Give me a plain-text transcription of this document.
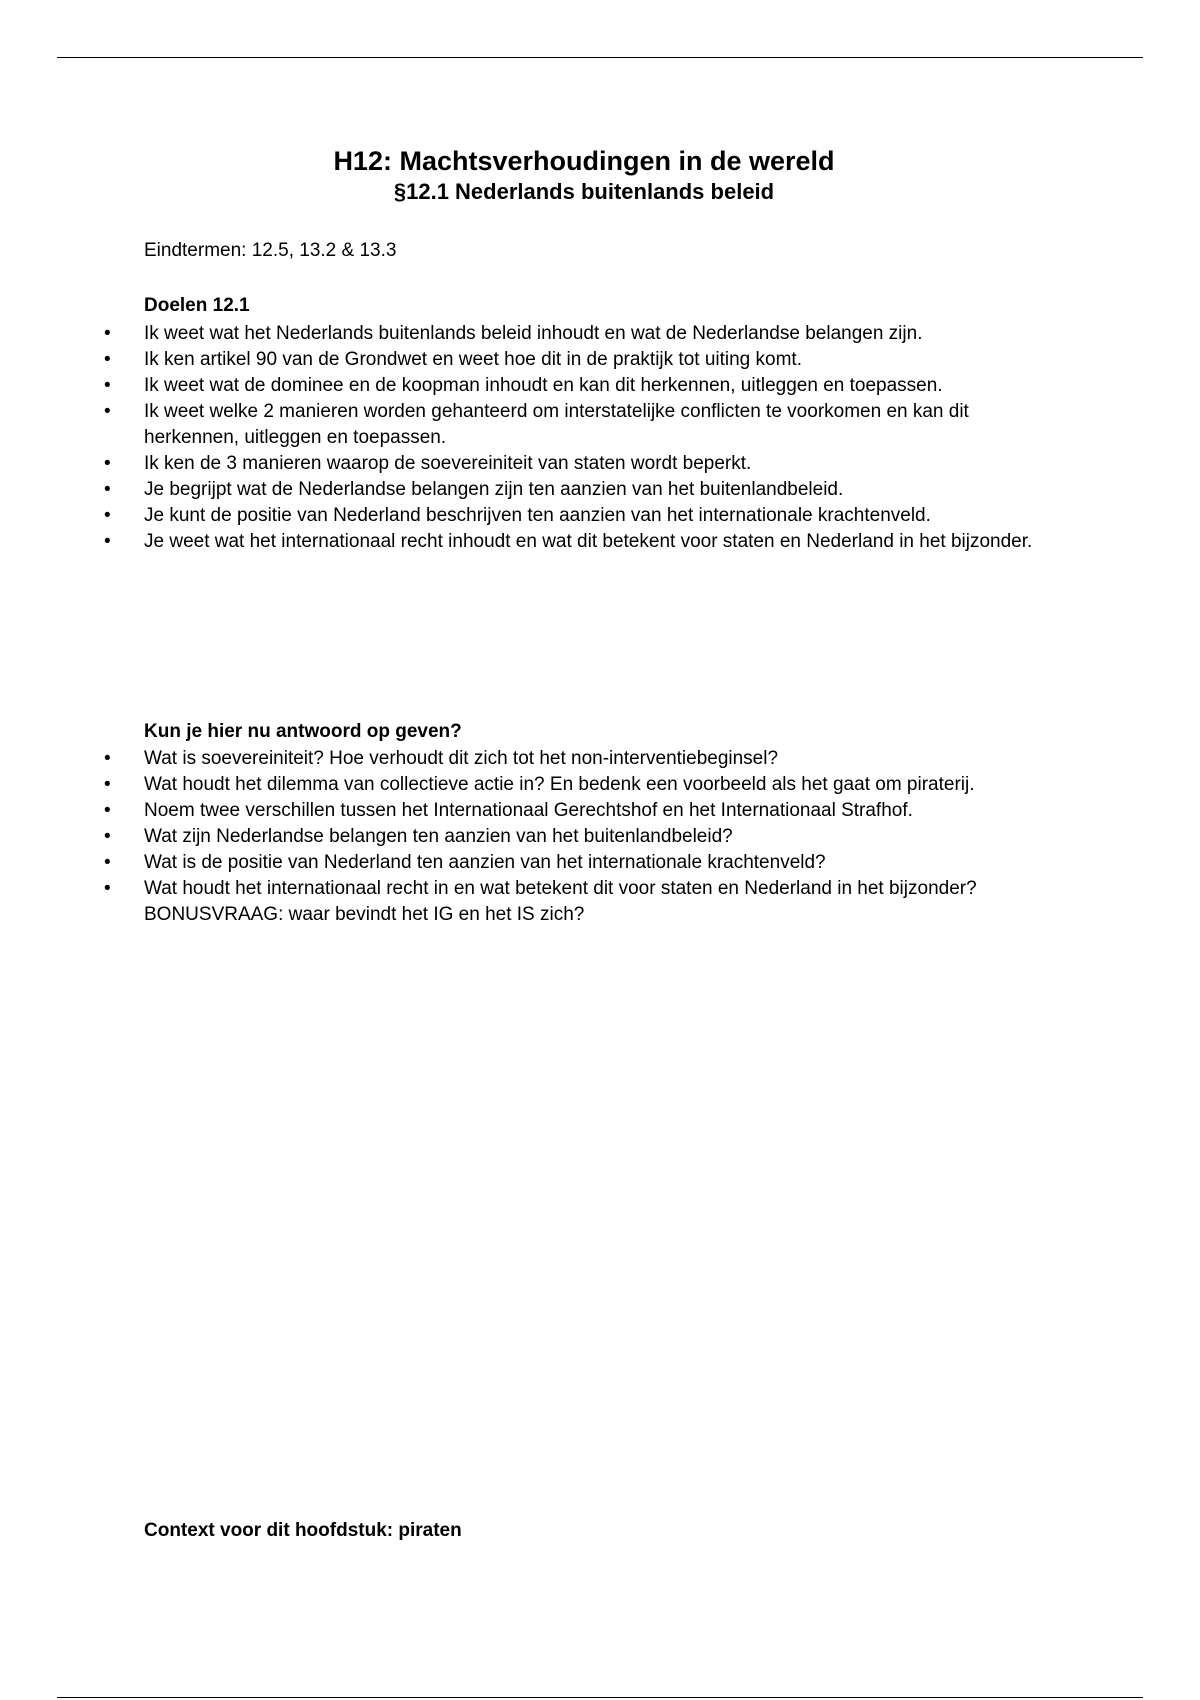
H12: Machtsverhoudingen in de wereld
§12.1 Nederlands buitenlands beleid
Eindtermen: 12.5, 13.2 & 13.3
Doelen 12.1
•	Ik weet wat het Nederlands buitenlands beleid inhoudt en wat de Nederlandse belangen zijn.
•	Ik ken artikel 90 van de Grondwet en weet hoe dit in de praktijk tot uiting komt.
•	Ik weet wat de dominee en de koopman inhoudt en kan dit herkennen, uitleggen en toepassen.
•	Ik weet welke 2 manieren worden gehanteerd om interstatelijke conflicten te voorkomen en kan dit herkennen, uitleggen en toepassen.
•	Ik ken de 3 manieren waarop de soevereiniteit van staten wordt beperkt.
•	Je begrijpt wat de Nederlandse belangen zijn ten aanzien van het buitenlandbeleid.
•	Je kunt de positie van Nederland beschrijven ten aanzien van het internationale krachtenveld.
•	Je weet wat het internationaal recht inhoudt en wat dit betekent voor staten en Nederland in het bijzonder.
Kun je hier nu antwoord op geven?
•	Wat is soevereiniteit? Hoe verhoudt dit zich tot het non-interventiebeginsel?
•	Wat houdt het dilemma van collectieve actie in? En bedenk een voorbeeld als het gaat om piraterij.
•	Noem twee verschillen tussen het Internationaal Gerechtshof en het Internationaal Strafhof.
•	Wat zijn Nederlandse belangen ten aanzien van het buitenlandbeleid?
•	Wat is de positie van Nederland ten aanzien van het internationale krachtenveld?
•	Wat houdt het internationaal recht in en wat betekent dit voor staten en Nederland in het bijzonder?
BONUSVRAAG: waar bevindt het IG en het IS zich?
Context voor dit hoofdstuk: piraten
